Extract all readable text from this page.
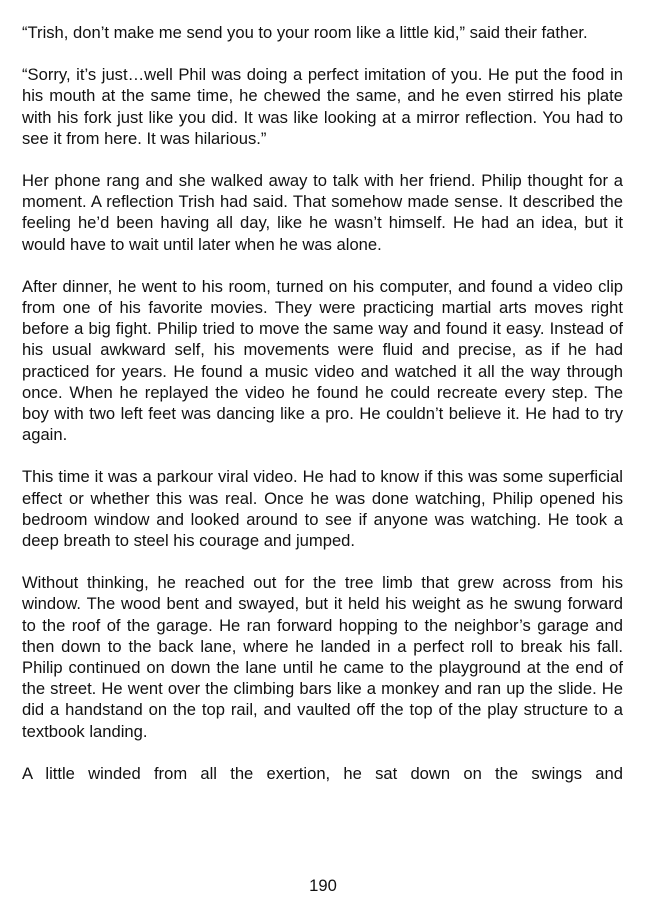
“Trish, don’t make me send you to your room like a little kid,” said their father.

“Sorry, it’s just…well Phil was doing a perfect imitation of you. He put the food in his mouth at the same time, he chewed the same, and he even stirred his plate with his fork just like you did. It was like looking at a mirror reflection. You had to see it from here. It was hilarious.”

Her phone rang and she walked away to talk with her friend. Philip thought for a moment. A reflection Trish had said. That somehow made sense. It described the feeling he’d been having all day, like he wasn’t himself. He had an idea, but it would have to wait until later when he was alone.

After dinner, he went to his room, turned on his computer, and found a video clip from one of his favorite movies. They were practicing martial arts moves right before a big fight. Philip tried to move the same way and found it easy. Instead of his usual awkward self, his movements were fluid and precise, as if he had practiced for years. He found a music video and watched it all the way through once. When he replayed the video he found he could recreate every step. The boy with two left feet was dancing like a pro. He couldn’t believe it. He had to try again.

This time it was a parkour viral video. He had to know if this was some superficial effect or whether this was real. Once he was done watching, Philip opened his bedroom window and looked around to see if anyone was watching. He took a deep breath to steel his courage and jumped.

Without thinking, he reached out for the tree limb that grew across from his window. The wood bent and swayed, but it held his weight as he swung forward to the roof of the garage. He ran forward hopping to the neighbor’s garage and then down to the back lane, where he landed in a perfect roll to break his fall. Philip continued on down the lane until he came to the playground at the end of the street. He went over the climbing bars like a monkey and ran up the slide. He did a handstand on the top rail, and vaulted off the top of the play structure to a textbook landing.

A little winded from all the exertion, he sat down on the swings and

190
